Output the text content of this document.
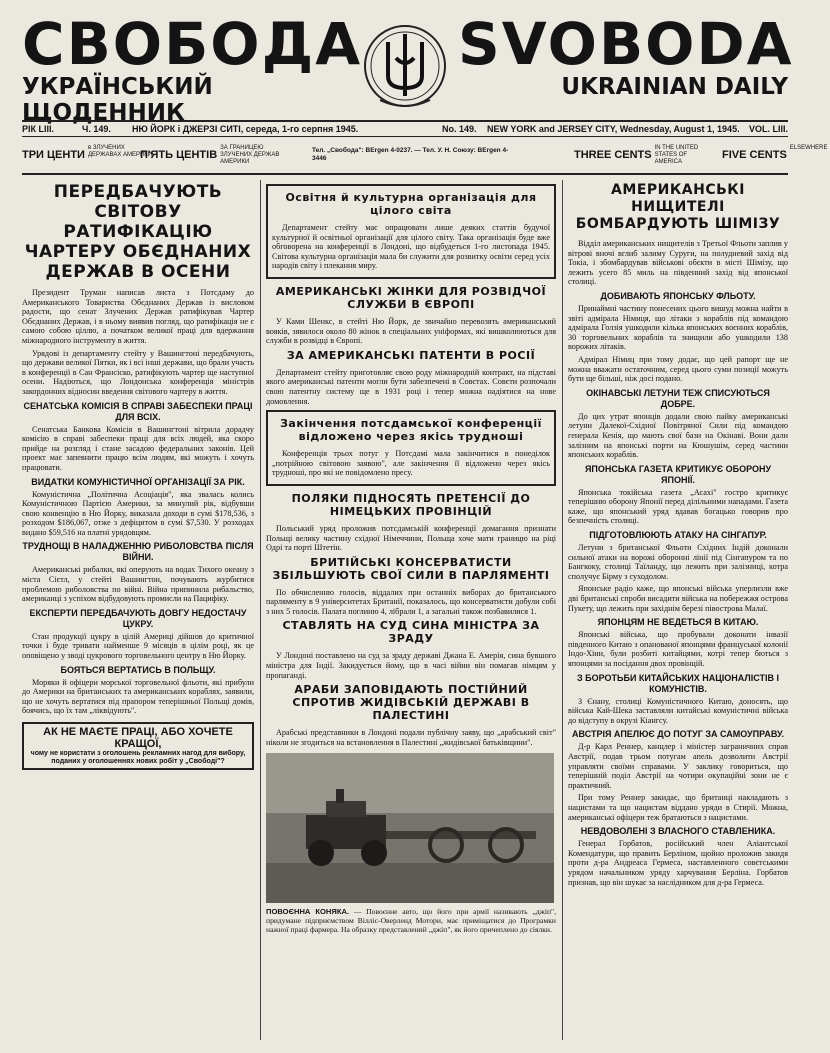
СВОБОДА
УКРАЇНСЬКИЙ ЩОДЕННИК
SVOBODA
UKRAINIAN DAILY
РІК LIII.	Ч. 149. НЮ ЙОРК і ДЖЕРЗІ СИТІ, середа, 1-го серпня 1945.	No. 149. NEW YORK and JERSEY CITY, Wednesday, August 1, 1945. VOL. LIII.
ТРИ ЦЕНТИв ЗЛУЧЕНИХ ДЕРЖАВАХ АМЕРИКИ
П'ЯТЬ ЦЕНТІВЗА ГРАНИЦЕЮ ЗЛУЧЕНИХ ДЕРЖАВ АМЕРИКИ
Тел. „Свобода": BErgen 4-0237. — Тел. У. Н. Союзу: BErgen 4-3446	THREE CENTSIN THE UNITED STATES OF AMERICA
FIVE CENTSELSEWHERE
ПЕРЕДБАЧУЮТЬ СВІТОВУ РАТИФІКАЦІЮ ЧАРТЕРУ ОБЄДНАНИХ ДЕРЖАВ В ОСЕНИ

Президент Труман написав листа з Потсдаму до Американського Товариства Обєднаних Держав із висловом радости, що сенат Злучених Держав ратифікував Чартер Обєднаних Держав, і в ньому виявив погляд, що ратифікація не є самою собою ціллю, а початком великої праці для вдержання міжнародного інструменту в життя.

Урядові із департаменту стейту у Вашингтоні передбачують, що держави великої Пятки, як і всі інші держави, що брали участь в конференції в Сан Франсіско, ратифікують чартер ще наступної осени. Надіються, що Лондонська конференція міністрів закордонних відносин введення світового чартеру в життя.

СЕНАТСЬКА КОМІСІЯ В СПРАВІ ЗАБЕСПЕКИ ПРАЦІ ДЛЯ ВСІХ.

Сенатська Банкова Комісія в Вашингтоні вітрила дорадчу комісію в справі забеспеки праці для всіх людей, яка скоро прийде на розгляд і стане засадою федеральних законів. Цей проект має запевнити працю всім людям, які можуть і хочуть працювати.

ВИДАТКИ КОМУНІСТИЧНОЇ ОРГАНІЗАЦІЇ ЗА РІК.

Комуністична „Політична Асоціація", яка звалась колись Комуністичною Партією Америки, за минулий рік, відбувши свою конвенцію в Ню Йорку, виказала доходи в сумі $178,536, з розходом $186,067, отже з дефіцитом в сумі $7,530. У розходах видано $59,516 на платні урядовцям.

ТРУДНОЩІ В НАЛАДЖЕННЮ РИБОЛОВСТВА ПІСЛЯ ВІЙНИ.

Американські рибалки, які оперують на водах Тихого океану з міста Сієтл, у стейті Вашингтон, почувають журбитися проблемою риболовства по війні. Війна припинила рибальство, американці з успіхом відбудовують промисли на Пацифіку.

ЕКСПЕРТИ ПЕРЕДБАЧУЮТЬ ДОВГУ НЕДОСТАЧУ ЦУКРУ.

Стан продукції цукру в цілій Америці дійшов до критичної точки і буде тривати найменше 9 місяців в цілім році, як це оповіщено у зводі цукрового торговельного центру в Ню Йорку.

БОЯТЬСЯ ВЕРТАТИСЬ В ПОЛЬЩУ.

Моряки й офіцери морської торговельної фльоти, які прибули до Америки на британських та американських кораблях, заявили, що не хочуть вертатися під прапором теперішньої Польщі домів, боячись, що їх там „ліквідують".

АК НЕ МАЄТЕ ПРАЦІ, АБО ХОЧЕТЕ КРАЩОЇ,
чому не користати з оголошень рекламних нагод для вибору, поданих у оголошеннях нових робіт у „Свободі"?
Освітня й культурна організація для цілого світа

Департамент стейту має опрацювати лише деяких статтів будучої культурної й освітньої організації для цілого світу. Така організація буде вже обговорена на конференції в Лондоні, що відбудеться 1-го листопада 1945. Світова культурна організація мала би служити для розвитку освіти серед усіх народів світу і плекання миру.

АМЕРИКАНСЬКІ ЖІНКИ ДЛЯ РОЗВІДЧОЇ СЛУЖБИ В ЄВРОПІ

У Ками Шенкс, в стейті Ню Йорк, де звичайно перевозять американський вояків, зявилося около 80 жінок в спеціальних уніформах, які вишколюються для служби в розвідці в Європі.

ЗА АМЕРИКАНСЬКІ ПАТЕНТИ В РОСІЇ

Департамент стейту приготовляє свою роду міжнародній контракт, на підставі якого американські патенти могли бути забезпечені в Совєтах. Совєти розпочали свою патентну систему ще в 1931 році і тепер можна надіятися на нове домовлення.

Закінчення потсдамської конференції відложено через якісь трудноші

Конференція трьох потуг у Потсдамі мала закінчитися в понеділок „потрійною світовою заявою", але закінчення її відложено через якісь трудноші, про які не повідомлено пресу.

ПОЛЯКИ ПІДНОСЯТЬ ПРЕТЕНСІЇ ДО НІМЕЦЬКИХ ПРОВІНЦІЙ

Польський уряд проложив потсдамській конференції домагання признати Польщі велику частину східної Німеччини, Польща хоче мати границю на ріці Одрі та порті Штетін.

БРИТІЙСЬКІ КОНСЕРВАТИСТИ ЗБІЛЬШУЮТЬ СВОЇ СИЛИ В ПАРЛЯМЕНТІ

По обчисленню голосів, віддалих при останніх виборах до британського парляменту в 9 університетах Британії, показалось, що консерватисти добули собі з них 5 голосів. Палата поглиню 4, лібрали 1, а загальні також позбавилися 1.

СТАВЛЯТЬ НА СУД СИНА МІНІСТРА ЗА ЗРАДУ

У Лондоні поставлено на суд за зраду державі Джана Е. Амерія, сина бувшого міністра для Індії. Закидується йому, що в часі війни він помагав німцям у пропаганді.

АРАБИ ЗАПОВІДАЮТЬ ПОСТІЙНИЙ СПРОТИВ ЖИДІВСЬКІЙ ДЕРЖАВІ В ПАЛЕСТИНІ

Арабські представники в Лондоні подали публічну заяву, що „арабський світ" ніколи не згодиться на встановлення в Палестині „жидівської батьківщини".

ПОВОЄННА КОНЯКА. — Повоєнне авто, що його при армії називають „джіп", придумане підприємством Вілліс-Оверленд Мотори, має приміщатися до Програмки нажної праці фармера. На образку представлений „джіп", як його причеплено до сіялки.
АМЕРИКАНСЬКІ НИЩИТЕЛІ БОМБАРДУЮТЬ ШІМІЗУ

Відділ американських нищителів з Третьої Фльоти заплив у вітрові вночі вглиб залиму Суруги, на полудневий захід від Токіа, і збомбардував військові обєкти в місті Шімізу, що лежить усего 85 миль на південний захід від японської столиці.

ДОБИВАЮТЬ ЯПОНСЬКУ ФЛЬОТУ.

Принаймні частину понесених цього вишуд можна найти в звіті адмірала Німиця, що літаки з кораблів під командою адмірала Голзія ушкодили кілька японських воєнних кораблів, 30 торговельних кораблів та знищили або ушкодили 138 ворожих літаків.

Адмірал Німиц при тому додає, що цей рапорт ще не можна вважати остаточним, серед цього суми позиції можуть бути ще більші, ніж досі подано.

ОКІНАВСЬКІ ЛЕТУНИ ТЕЖ СПИСУЮТЬСЯ ДОБРЕ.

До цих утрат японців додали свою пайку американські летуни Далекої-Східної Повітряної Сили під командою генерала Кенія, що мають свої бази на Окінаві. Вони дали залізним на японські порти на Кюшушім, серед частини японських кораблів.

ЯПОНСЬКА ГАЗЕТА КРИТИКУЄ ОБОРОНУ ЯПОНІЇ.

Японська токійська газета „Асахі" гостро критикує теперішню оборону Японії перед ділільними нападами. Газета каже, що японський уряд вдавав богацько говорив про безпечність столиці.

ПІДГОТОВЛЮЮТЬ АТАКУ НА СІНГАПУР.

Летуни з британської Фльоти Східних Індій доконали сильної атаки на ворожі оборонні лінії під Сінгапуром та по Бангкоку, столиці Таїланду, що лежить при залізниці, котра сполучує Бірму з суходолом.

Японське радіо каже, що японські війська уперлизли вже дві британські спроби висадити війська на побережжя острова Пукету, що лежить при західнім березі півострова Малаї.

ЯПОНЦЯМ НЕ ВЕДЕТЬСЯ В КИТАЮ.

Японські війська, що пробували доконати інвазії південного Китаю з опанованої японцями француської колонії Індо-Хіни, були розбиті китайцями, котрі тепер бються з японцями за посідання двох провінцій.

З БОРОТЬБИ КИТАЙСЬКИХ НАЦІОНАЛІСТІВ І КОМУНІСТІВ.

З Єнану, столиці Комуністичного Китаю, доносять, що війська Кай-Шека заставляли китайські комуністичні війська до відступу в окрузі Кіангсу.

АВСТРІЯ АПЕЛЮЄ ДО ПОТУГ ЗА САМОУПРАВУ.

Д-р Карл Реннер, канцлер і міністер заграничних справ Австрії, подав трьом потугам апель дозволити Австрії управляти своїми справами. У заклику говориться, що теперішній поділ Австрії на чотири окупаційні зони не є практичний.

При тому Реннер закидає, що британці накладають з нацистами та що нацистам віддано уряди в Стирії. Можна, американські офіцери теж братаються з нацистами.

НЕВДОВОЛЕНІ З ВЛАСНОГО СТАВЛЕНИКА.

Генерал Горбатов, російський член Аліантської Комендатури, що править Берліном, щойно проложив закидя проти д-ра Андреаса Гермеса, наставленного совєтськими урядом начальником уряду харчування Берліна. Горбатов признав, що він шукає за наслідником для д-ра Гермеса.
